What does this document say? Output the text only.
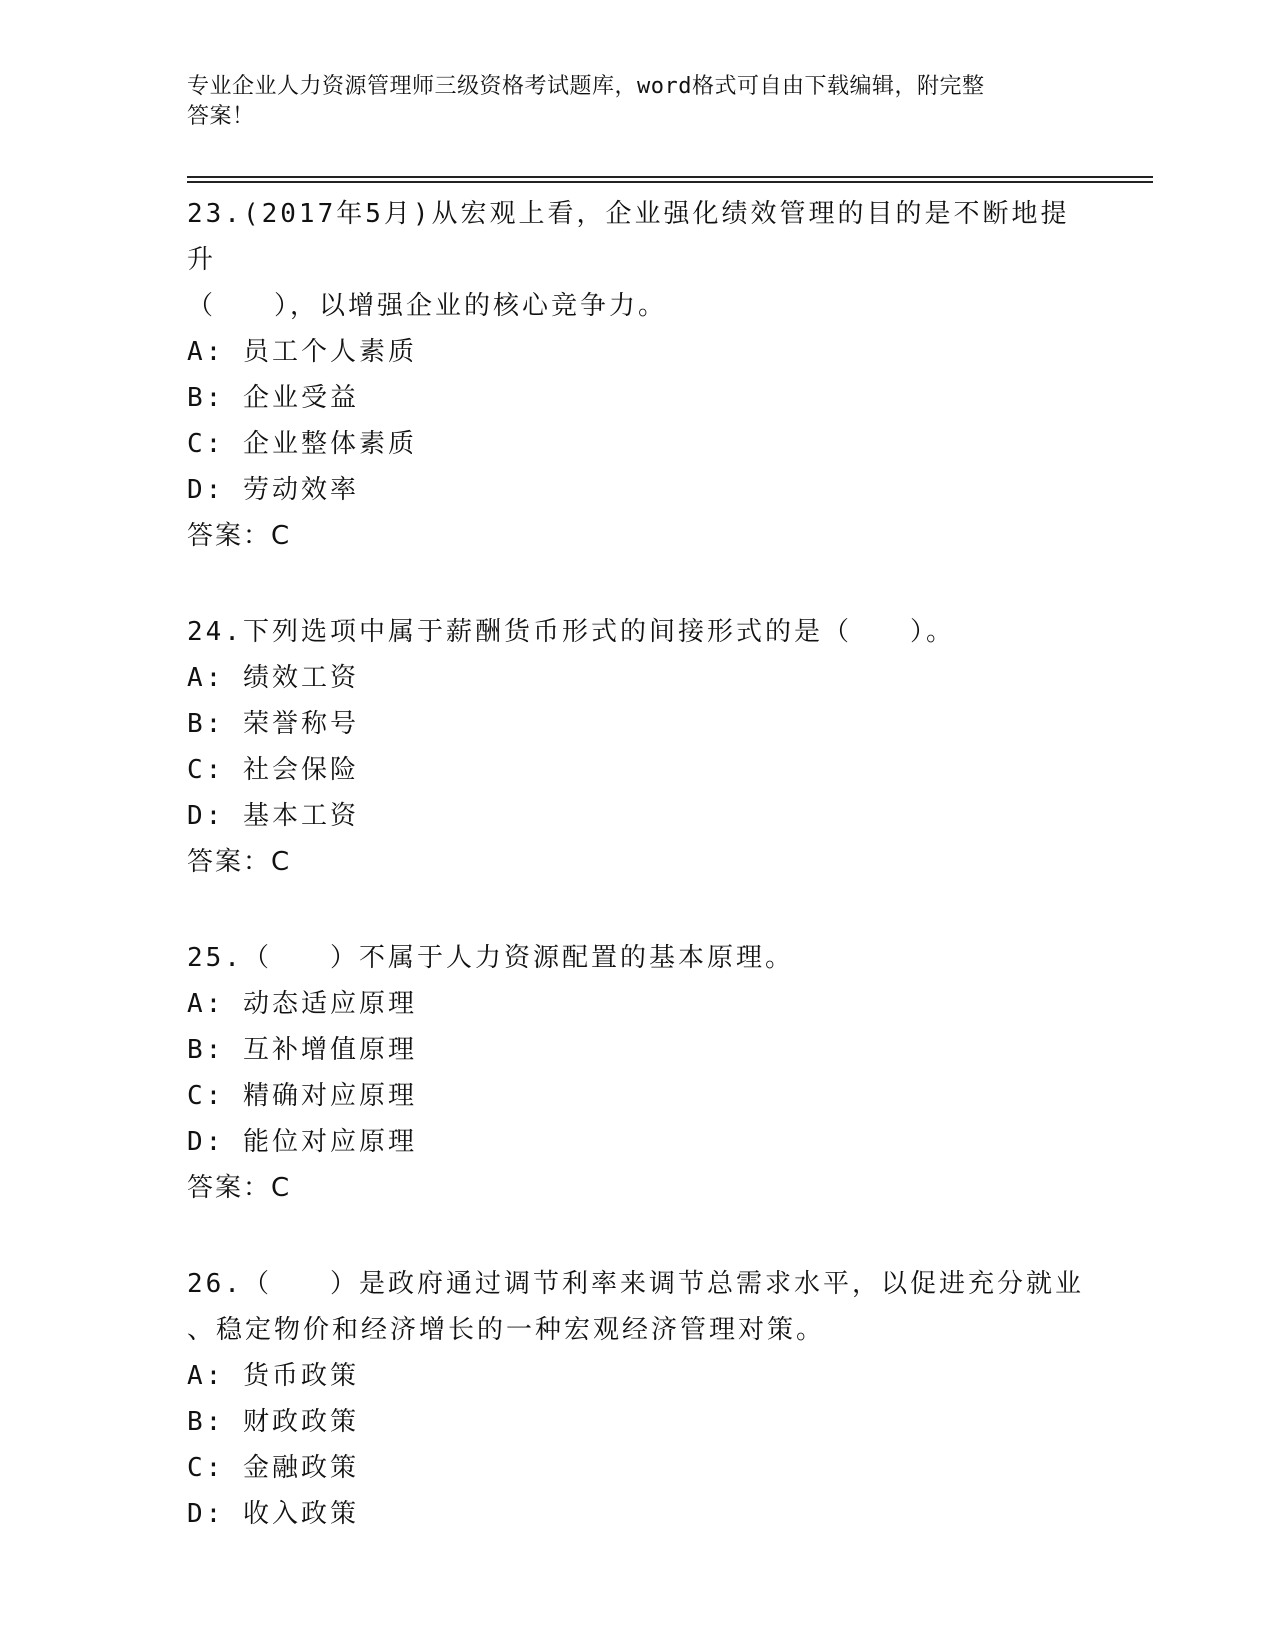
专业企业人力资源管理师三级资格考试题库，word格式可自由下载编辑，附完整
答案！

23.(2017年5月)从宏观上看，企业强化绩效管理的目的是不断地提升

（　　），以增强企业的核心竞争力。

A: 员工个人素质

B: 企业受益

C: 企业整体素质

D: 劳动效率

答案：C

24.下列选项中属于薪酬货币形式的间接形式的是（　　）。

A: 绩效工资

B: 荣誉称号

C: 社会保险

D: 基本工资

答案：C

25.（　　）不属于人力资源配置的基本原理。

A: 动态适应原理

B: 互补增值原理

C: 精确对应原理

D: 能位对应原理

答案：C

26.（　　）是政府通过调节利率来调节总需求水平，以促进充分就业

、稳定物价和经济增长的一种宏观经济管理对策。

A: 货币政策

B: 财政政策

C: 金融政策

D: 收入政策
